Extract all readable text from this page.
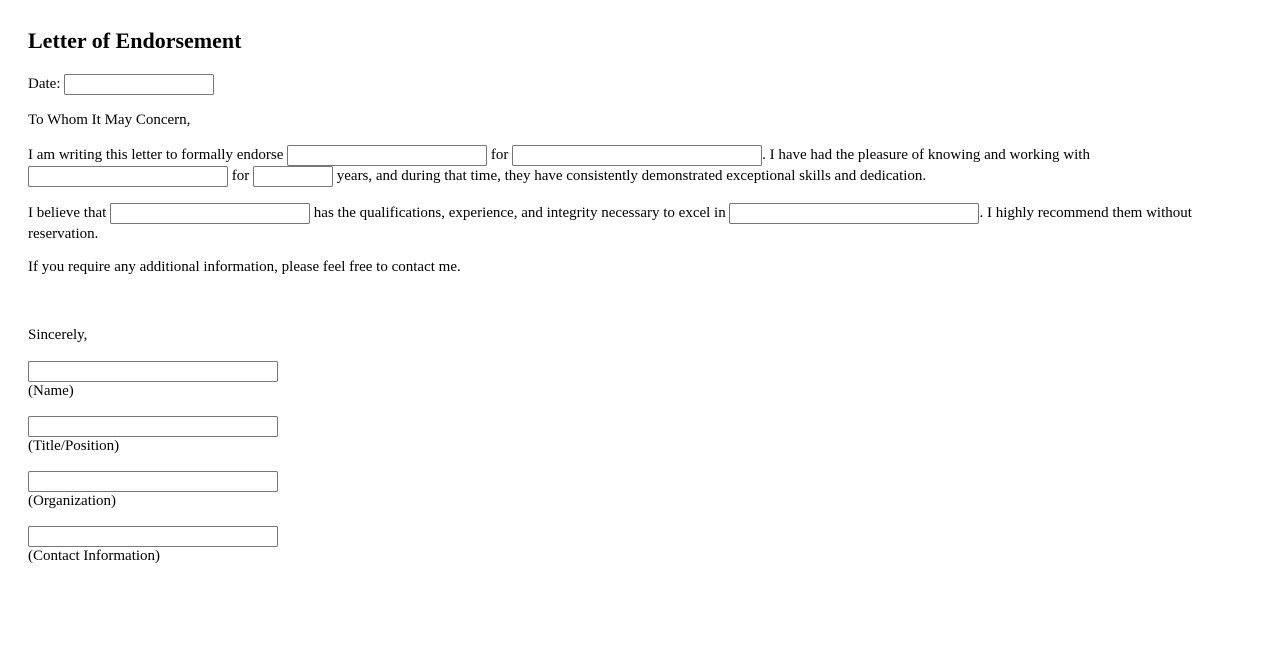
Letter of Endorsement
Date:
To Whom It May Concern,
I am writing this letter to formally endorse	for	. I have had the pleasure of knowing and working with  for	years, and during that time, they have consistently demonstrated exceptional skills and dedication.
I believe that	has the qualifications, experience, and integrity necessary to excel in	. I highly recommend them without reservation.
If you require any additional information, please feel free to contact me.
Sincerely,
(Name)
(Title/Position)
(Organization)
(Contact Information)
